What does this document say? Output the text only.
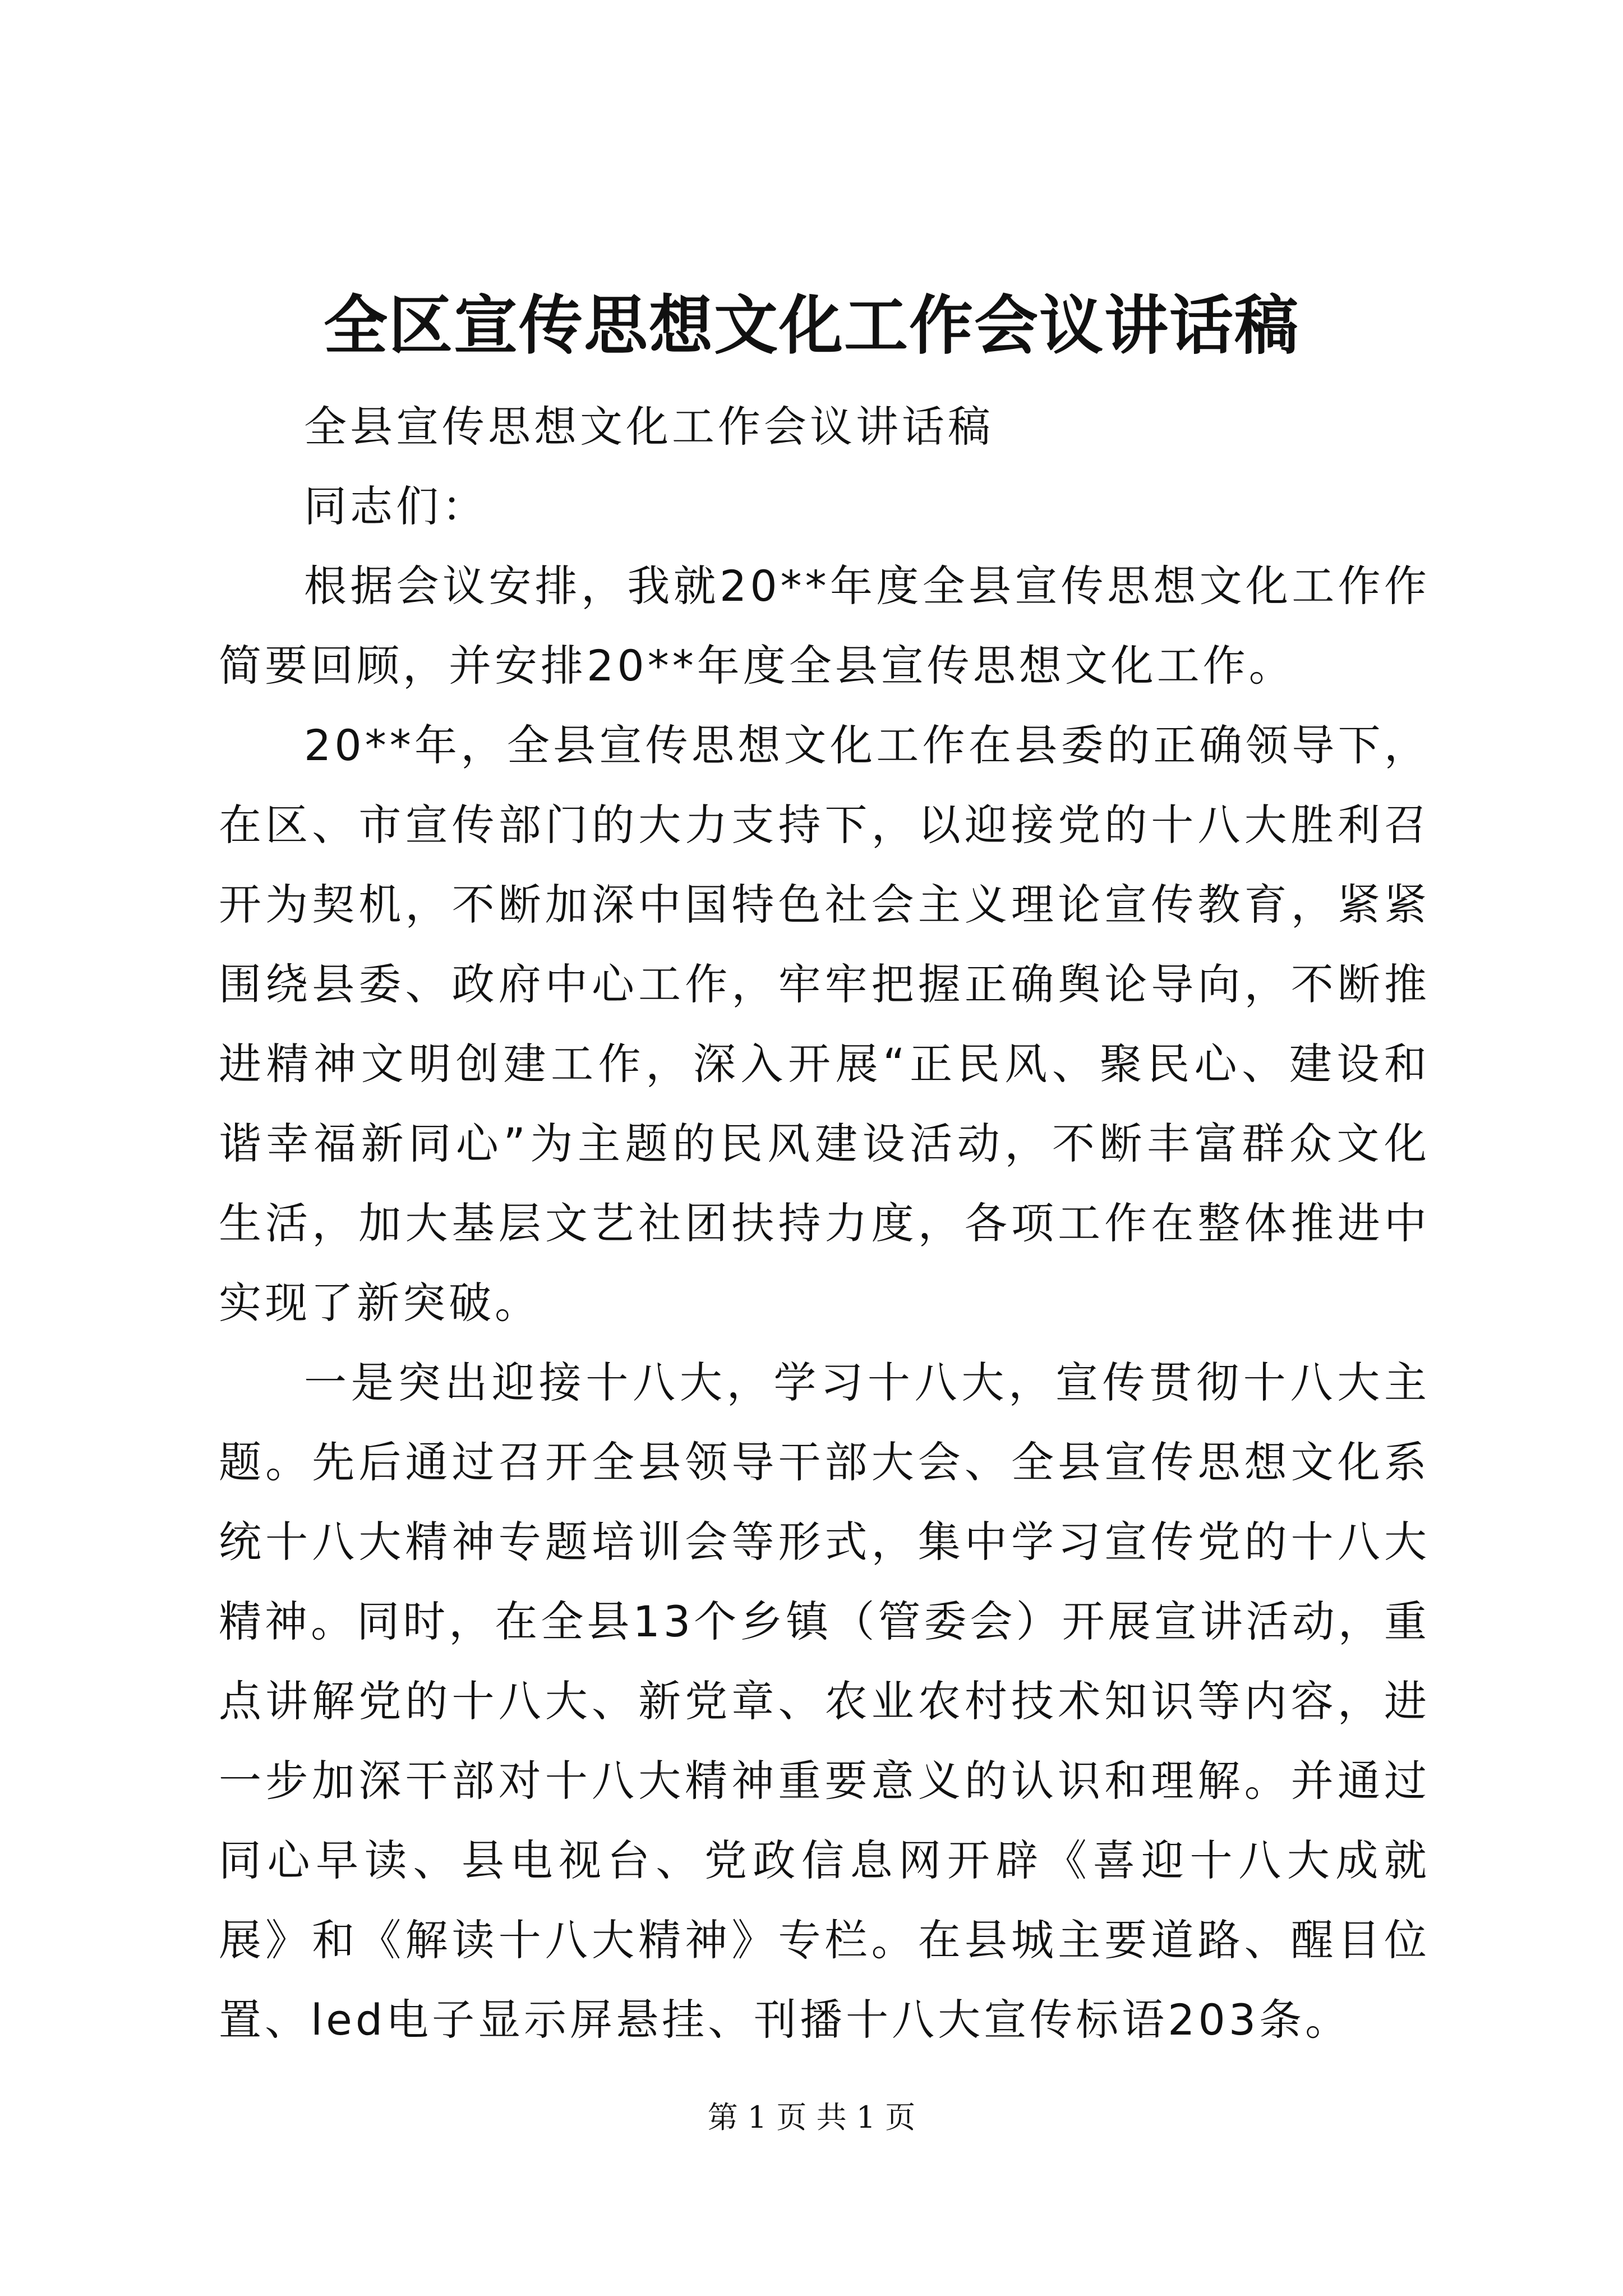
全区宣传思想文化工作会议讲话稿

全县宣传思想文化工作会议讲话稿

同志们：

根据会议安排，我就20**年度全县宣传思想文化工作作简要回顾，并安排20**年度全县宣传思想文化工作。

20**年，全县宣传思想文化工作在县委的正确领导下，在区、市宣传部门的大力支持下，以迎接党的十八大胜利召开为契机，不断加深中国特色社会主义理论宣传教育，紧紧围绕县委、政府中心工作，牢牢把握正确舆论导向，不断推进精神文明创建工作，深入开展“正民风、聚民心、建设和谐幸福新同心”为主题的民风建设活动，不断丰富群众文化生活，加大基层文艺社团扶持力度，各项工作在整体推进中实现了新突破。

一是突出迎接十八大，学习十八大，宣传贯彻十八大主题。先后通过召开全县领导干部大会、全县宣传思想文化系统十八大精神专题培训会等形式，集中学习宣传党的十八大精神。同时，在全县13个乡镇（管委会）开展宣讲活动，重点讲解党的十八大、新党章、农业农村技术知识等内容，进一步加深干部对十八大精神重要意义的认识和理解。并通过同心早读、县电视台、党政信息网开辟《喜迎十八大成就展》和《解读十八大精神》专栏。在县城主要道路、醒目位置、led电子显示屏悬挂、刊播十八大宣传标语203条。

第 1 页 共 1 页
